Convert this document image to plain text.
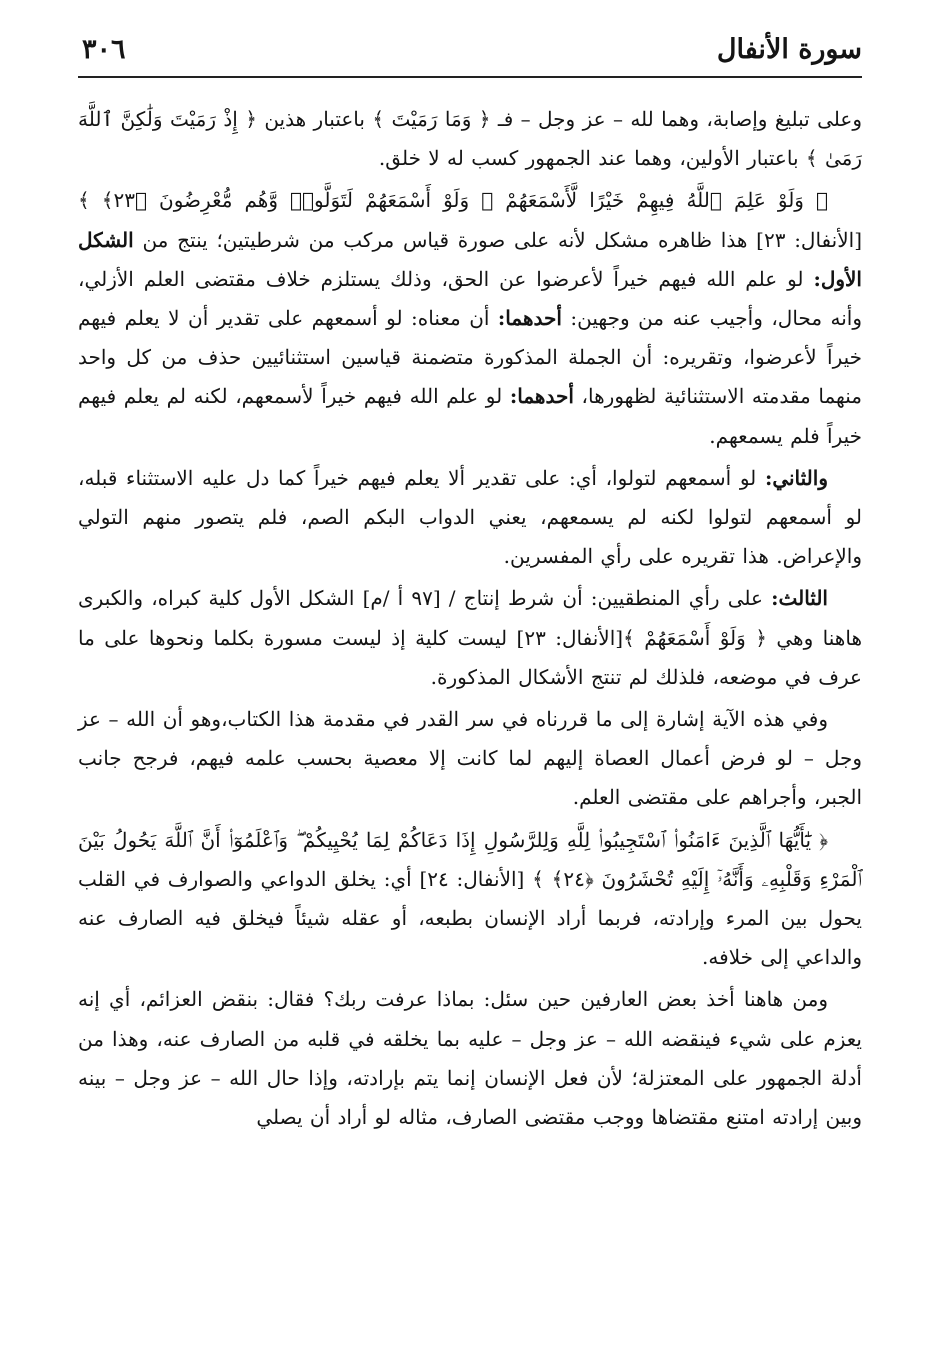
سورة الأنفال
٣٠٦

وعلى تبليغ وإصابة، وهما لله – عز وجل – فـ ﴿ وَمَا رَمَيْتَ ﴾ باعتبار هذين ﴿ إِذْ رَمَيْتَ وَلَٰكِنَّ ٱللَّهَ رَمَىٰ ﴾ باعتبار الأولين، وهما عند الجمهور كسب له لا خلق.

﴿ وَلَوْ عَلِمَ ٱللَّهُ فِيهِمْ خَيْرًا لَّأَسْمَعَهُمْ ۖ وَلَوْ أَسْمَعَهُمْ لَتَوَلَّوا۟ وَّهُم مُّعْرِضُونَ ﴿٢٣﴾ ﴾ [الأنفال: ٢٣] هذا ظاهره مشكل لأنه على صورة قياس مركب من شرطيتين؛ ينتج من الشكل الأول: لو علم الله فيهم خيراً لأعرضوا عن الحق، وذلك يستلزم خلاف مقتضى العلم الأزلي، وأنه محال، وأجيب عنه من وجهين: أحدهما: أن معناه: لو أسمعهم على تقدير أن لا يعلم فيهم خيراً لأعرضوا، وتقريره: أن الجملة المذكورة متضمنة قياسين استثنائيين حذف من كل واحد منهما مقدمته الاستثنائية لظهورها، أحدهما: لو علم الله فيهم خيراً لأسمعهم، لكنه لم يعلم فيهم خيراً فلم يسمعهم.

والثاني: لو أسمعهم لتولوا، أي: على تقدير ألا يعلم فيهم خيراً كما دل عليه الاستثناء قبله، لو أسمعهم لتولوا لكنه لم يسمعهم، يعني الدواب البكم الصم، فلم يتصور منهم التولي والإعراض. هذا تقريره على رأي المفسرين.

الثالث: على رأي المنطقيين: أن شرط إنتاج / [٩٧ أ /م] الشكل الأول كلية كبراه، والكبرى هاهنا وهي ﴿ وَلَوْ أَسْمَعَهُمْ ﴾[الأنفال: ٢٣] ليست كلية إذ ليست مسورة بكلما ونحوها على ما عرف في موضعه، فلذلك لم تنتج الأشكال المذكورة.

وفي هذه الآية إشارة إلى ما قررناه في سر القدر في مقدمة هذا الكتاب،وهو أن الله – عز وجل – لو فرض أعمال العصاة إليهم لما كانت إلا معصية بحسب علمه فيهم، فرجح جانب الجبر، وأجراهم على مقتضى العلم.

﴿ يَٰٓأَيُّهَا ٱلَّذِينَ ءَامَنُوا۟ ٱسْتَجِيبُوا۟ لِلَّهِ وَلِلرَّسُولِ إِذَا دَعَاكُمْ لِمَا يُحْيِيكُمْ ۖ وَٱعْلَمُوٓا۟ أَنَّ ٱللَّهَ يَحُولُ بَيْنَ ٱلْمَرْءِ وَقَلْبِهِۦ وَأَنَّهُۥٓ إِلَيْهِ تُحْشَرُونَ ﴿٢٤﴾ ﴾ [الأنفال: ٢٤] أي: يخلق الدواعي والصوارف في القلب يحول بين المرء وإرادته، فربما أراد الإنسان بطبعه، أو عقله شيئاً فيخلق فيه الصارف عنه والداعي إلى خلافه.

ومن هاهنا أخذ بعض العارفين حين سئل: بماذا عرفت ربك؟ فقال: بنقض العزائم، أي إنه يعزم على شيء فينقضه الله – عز وجل – عليه بما يخلقه في قلبه من الصارف عنه، وهذا من أدلة الجمهور على المعتزلة؛ لأن فعل الإنسان إنما يتم بإرادته، وإذا حال الله – عز وجل – بينه وبين إرادته امتنع مقتضاها ووجب مقتضى الصارف، مثاله لو أراد أن يصلي
